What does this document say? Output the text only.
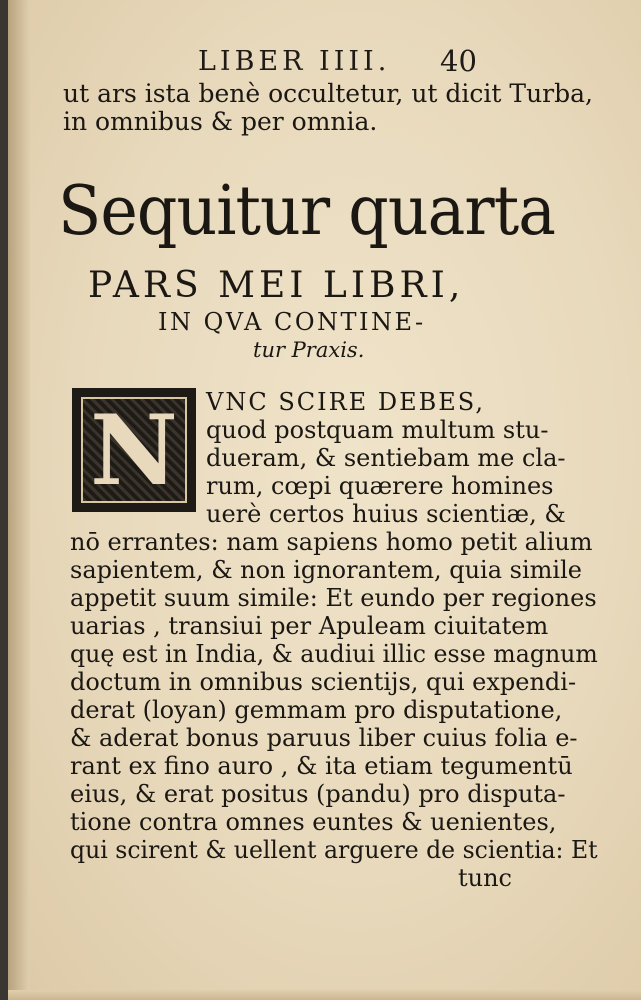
LIBER IIII. 40
ut ars ista benè occultetur, ut dicit Turba,
in omnibus & per omnia.
Sequitur quarta
PARS MEI LIBRI,
IN QVA CONTINE-
tur Praxis.
N	VNC SCIRE DEBES,
quod postquam multum stu-
dueram, & sentiebam me cla-
rum, cœpi quærere homines
uerè certos huius scientiæ, &
nō errantes: nam sapiens homo petit alium
sapientem, & non ignorantem, quia simile
appetit suum simile: Et eundo per regiones
uarias , transiui per Apuleam ciuitatem
quę est in India, & audiui illic esse magnum
doctum in omnibus scientijs, qui expendi-
derat (loyan) gemmam pro disputatione,
& aderat bonus paruus liber cuius folia e-
rant ex fino auro , & ita etiam tegumentū
eius, & erat positus (pandu) pro disputa-
tione contra omnes euntes & uenientes,
qui scirent & uellent arguere de scientia: Et
tunc
